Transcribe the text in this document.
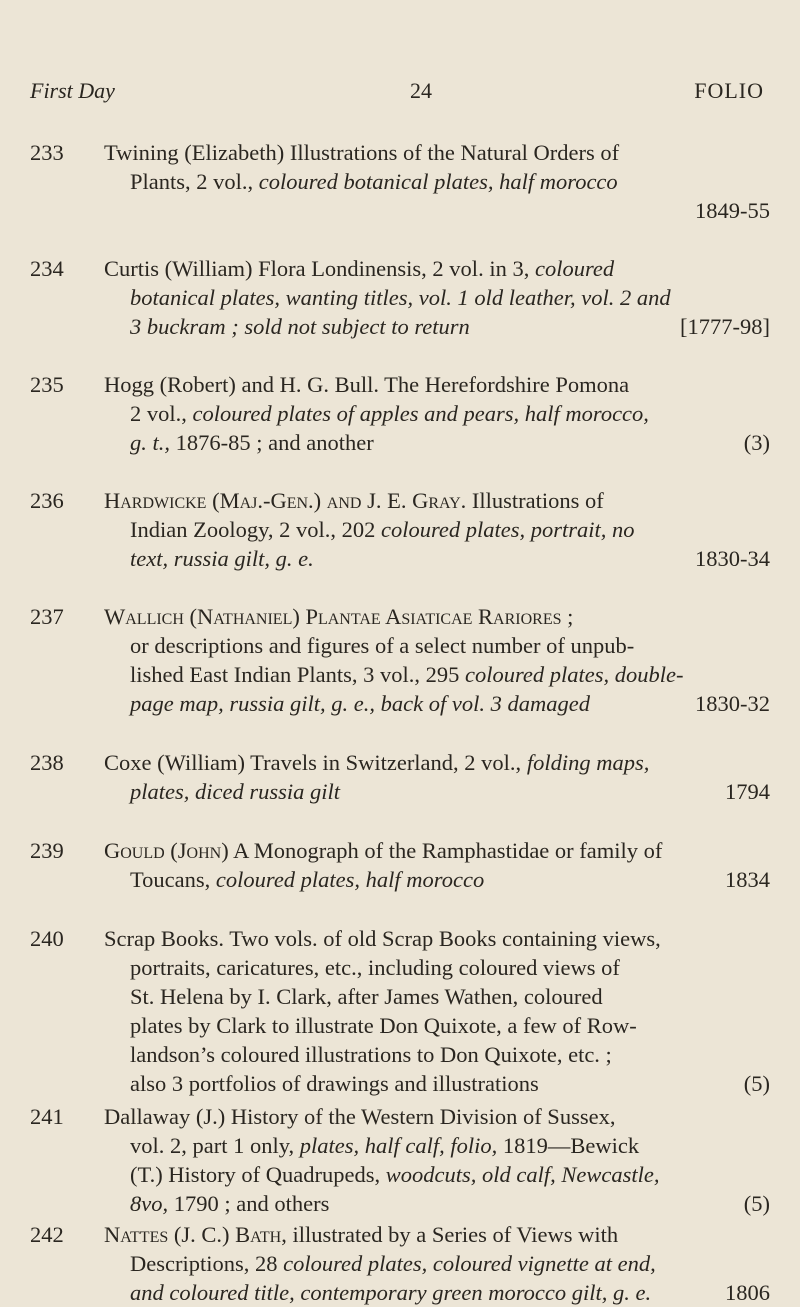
First Day	24	FOLIO
233	Twining (Elizabeth) Illustrations of the Natural Orders of
Plants, 2 vol., coloured botanical plates, half morocco
1849-55
234	Curtis (William) Flora Londinensis, 2 vol. in 3, coloured
botanical plates, wanting titles, vol. 1 old leather, vol. 2 and
3 buckram ; sold not subject to return	[1777-98]
235	Hogg (Robert) and H. G. Bull. The Herefordshire Pomona
2 vol., coloured plates of apples and pears, half morocco,
g. t., 1876-85 ; and another	(3)
236	Hardwicke (Maj.-Gen.) and J. E. Gray. Illustrations of
Indian Zoology, 2 vol., 202 coloured plates, portrait, no
text, russia gilt, g. e.	1830-34
237	Wallich (Nathaniel) Plantae Asiaticae Rariores ;
or descriptions and figures of a select number of unpub-
lished East Indian Plants, 3 vol., 295 coloured plates, double-
page map, russia gilt, g. e., back of vol. 3 damaged	1830-32
238	Coxe (William) Travels in Switzerland, 2 vol., folding maps,
plates, diced russia gilt	1794
239	Gould (John) A Monograph of the Ramphastidae or family of
Toucans, coloured plates, half morocco	1834
240	Scrap Books. Two vols. of old Scrap Books containing views,
portraits, caricatures, etc., including coloured views of
St. Helena by I. Clark, after James Wathen, coloured
plates by Clark to illustrate Don Quixote, a few of Row-
landson’s coloured illustrations to Don Quixote, etc. ;
also 3 portfolios of drawings and illustrations	(5)
241	Dallaway (J.) History of the Western Division of Sussex,
vol. 2, part 1 only, plates, half calf, folio, 1819—Bewick
(T.) History of Quadrupeds, woodcuts, old calf, Newcastle,
8vo, 1790 ; and others	(5)
242	Nattes (J. C.) Bath, illustrated by a Series of Views with
Descriptions, 28 coloured plates, coloured vignette at end,
and coloured title, contemporary green morocco gilt, g. e.	1806
